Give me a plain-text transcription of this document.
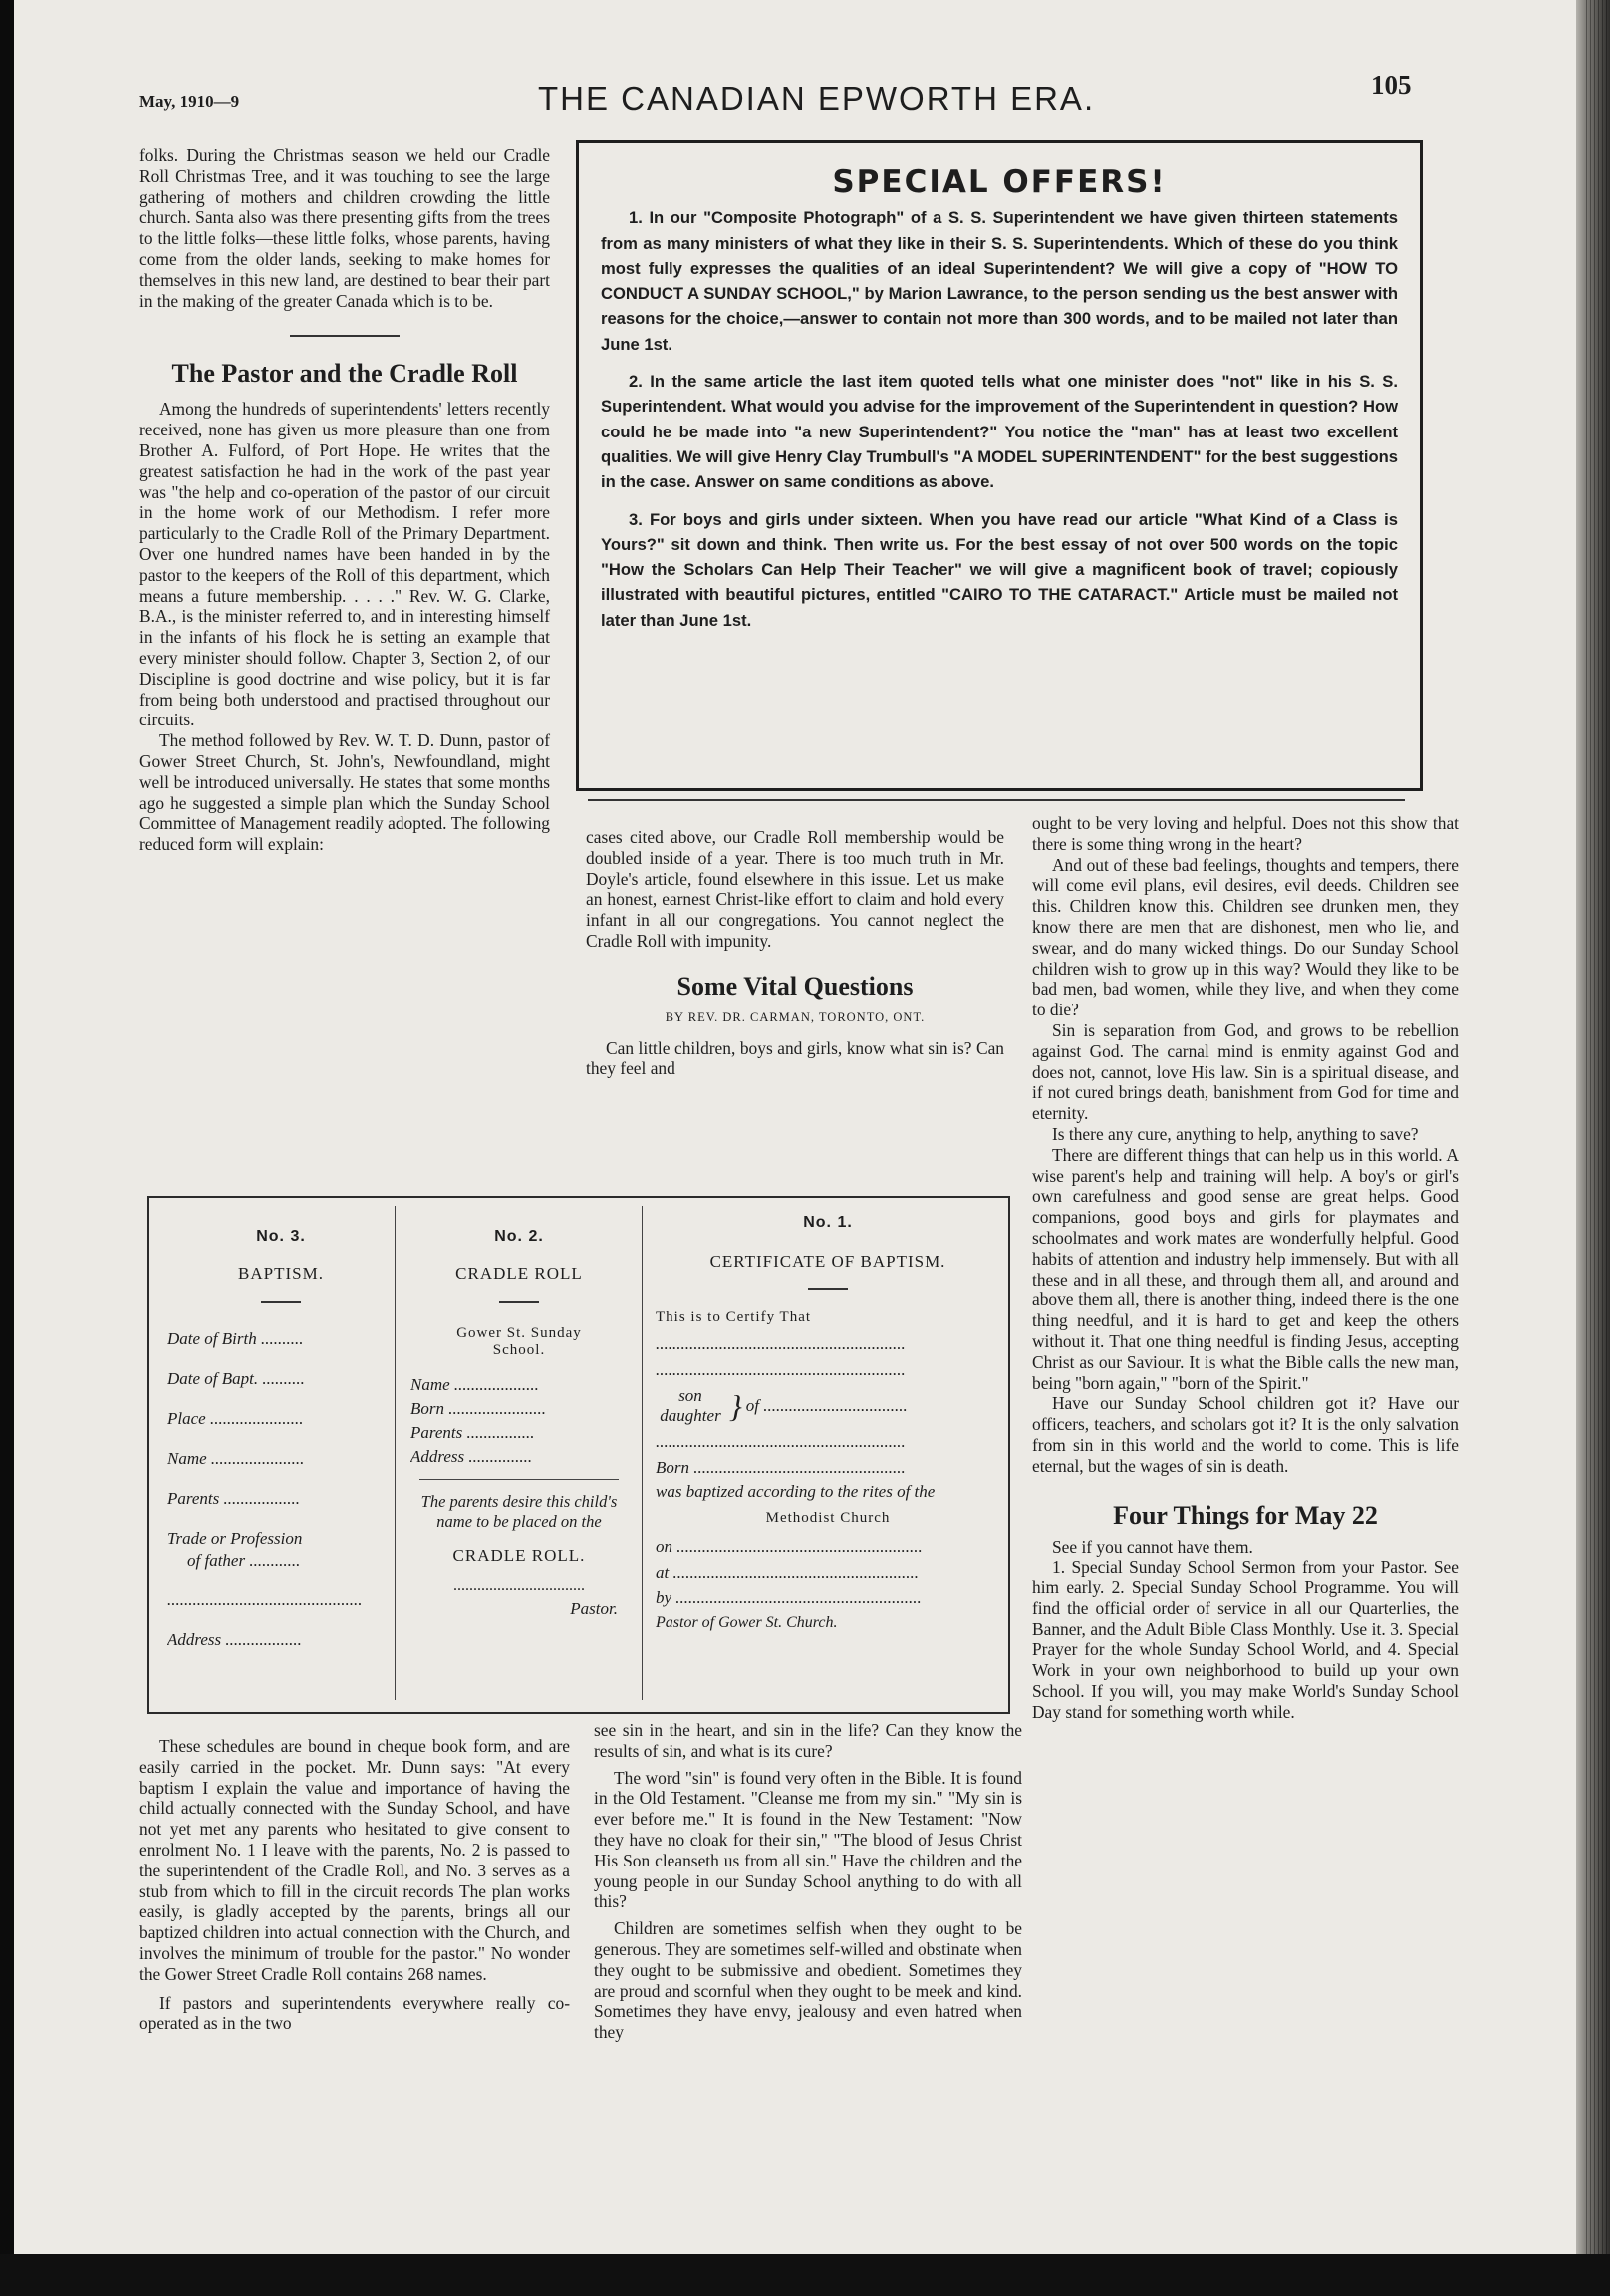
May, 1910—9	THE CANADIAN EPWORTH ERA.	105

folks. During the Christmas season we held our Cradle Roll Christmas Tree, and it was touching to see the large gathering of mothers and children crowding the little church. Santa also was there presenting gifts from the trees to the little folks—these little folks, whose parents, having come from the older lands, seeking to make homes for themselves in this new land, are destined to bear their part in the making of the greater Canada which is to be.

The Pastor and the Cradle Roll

Among the hundreds of superintendents' letters recently received, none has given us more pleasure than one from Brother A. Fulford, of Port Hope. He writes that the greatest satisfaction he had in the work of the past year was "the help and co-operation of the pastor of our circuit in the home work of our Methodism. I refer more particularly to the Cradle Roll of the Primary Department. Over one hundred names have been handed in by the pastor to the keepers of the Roll of this department, which means a future membership. . . . ." Rev. W. G. Clarke, B.A., is the minister referred to, and in interesting himself in the infants of his flock he is setting an example that every minister should follow. Chapter 3, Section 2, of our Discipline is good doctrine and wise policy, but it is far from being both understood and practised throughout our circuits.

The method followed by Rev. W. T. D. Dunn, pastor of Gower Street Church, St. John's, Newfoundland, might well be introduced universally. He states that some months ago he suggested a simple plan which the Sunday School Committee of Management readily adopted. The following reduced form will explain:

SPECIAL OFFERS!

1. In our "Composite Photograph" of a S. S. Superintendent we have given thirteen statements from as many ministers of what they like in their S. S. Superintendents. Which of these do you think most fully expresses the qualities of an ideal Superintendent? We will give a copy of "HOW TO CONDUCT A SUNDAY SCHOOL," by Marion Lawrance, to the person sending us the best answer with reasons for the choice,—answer to contain not more than 300 words, and to be mailed not later than June 1st.

2. In the same article the last item quoted tells what one minister does "not" like in his S. S. Superintendent. What would you advise for the improvement of the Superintendent in question? How could he be made into "a new Superintendent?" You notice the "man" has at least two excellent qualities. We will give Henry Clay Trumbull's "A MODEL SUPERINTENDENT" for the best suggestions in the case. Answer on same conditions as above.

3. For boys and girls under sixteen. When you have read our article "What Kind of a Class is Yours?" sit down and think. Then write us. For the best essay of not over 500 words on the topic "How the Scholars Can Help Their Teacher" we will give a magnificent book of travel; copiously illustrated with beautiful pictures, entitled "CAIRO TO THE CATARACT." Article must be mailed not later than June 1st.

cases cited above, our Cradle Roll membership would be doubled inside of a year. There is too much truth in Mr. Doyle's article, found elsewhere in this issue. Let us make an honest, earnest Christ-like effort to claim and hold every infant in all our congregations. You cannot neglect the Cradle Roll with impunity.

Some Vital Questions
BY REV. DR. CARMAN, TORONTO, ONT.

Can little children, boys and girls, know what sin is? Can they feel and

No. 3.
BAPTISM.
Date of Birth ..........
Date of Bapt. ..........
Place ......................
Name ......................
Parents ..................
Trade or Profession
of father ............
..............................................
Address ..................
No. 2.
CRADLE ROLL
Gower St. Sunday
School.
Name ....................
Born .......................
Parents ................
Address ...............
The parents desire this child's name to be placed on the
CRADLE ROLL.
.................................
Pastor.
No. 1.
CERTIFICATE OF BAPTISM.
This is to Certify That
...........................................................
...........................................................
son
daughter } of ..................................
...........................................................
Born ..................................................
was baptized according to the rites of the
Methodist Church
on ..........................................................
at ..........................................................
by ..........................................................
Pastor of Gower St. Church.

ought to be very loving and helpful. Does not this show that there is some thing wrong in the heart?

And out of these bad feelings, thoughts and tempers, there will come evil plans, evil desires, evil deeds. Children see this. Children know this. Children see drunken men, they know there are men that are dishonest, men who lie, and swear, and do many wicked things. Do our Sunday School children wish to grow up in this way? Would they like to be bad men, bad women, while they live, and when they come to die?

Sin is separation from God, and grows to be rebellion against God. The carnal mind is enmity against God and does not, cannot, love His law. Sin is a spiritual disease, and if not cured brings death, banishment from God for time and eternity.

Is there any cure, anything to help, anything to save?

There are different things that can help us in this world. A wise parent's help and training will help. A boy's or girl's own carefulness and good sense are great helps. Good companions, good boys and girls for playmates and schoolmates and work mates are wonderfully helpful. Good habits of attention and industry help immensely. But with all these and in all these, and through them all, and around and above them all, there is another thing, indeed there is the one thing needful, and it is hard to get and keep the others without it. That one thing needful is finding Jesus, accepting Christ as our Saviour. It is what the Bible calls the new man, being "born again," "born of the Spirit."

Have our Sunday School children got it? Have our officers, teachers, and scholars got it? It is the only salvation from sin in this world and the world to come. This is life eternal, but the wages of sin is death.

Four Things for May 22

See if you cannot have them.

1. Special Sunday School Sermon from your Pastor. See him early. 2. Special Sunday School Programme. You will find the official order of service in all our Quarterlies, the Banner, and the Adult Bible Class Monthly. Use it. 3. Special Prayer for the whole Sunday School World, and 4. Special Work in your own neighborhood to build up your own School. If you will, you may make World's Sunday School Day stand for something worth while.

These schedules are bound in cheque book form, and are easily carried in the pocket. Mr. Dunn says: "At every baptism I explain the value and importance of having the child actually connected with the Sunday School, and have not yet met any parents who hesitated to give consent to enrolment No. 1 I leave with the parents, No. 2 is passed to the superintendent of the Cradle Roll, and No. 3 serves as a stub from which to fill in the circuit records The plan works easily, is gladly accepted by the parents, brings all our baptized children into actual connection with the Church, and involves the minimum of trouble for the pastor." No wonder the Gower Street Cradle Roll contains 268 names.

If pastors and superintendents everywhere really co-operated as in the two

see sin in the heart, and sin in the life? Can they know the results of sin, and what is its cure?

The word "sin" is found very often in the Bible. It is found in the Old Testament. "Cleanse me from my sin." "My sin is ever before me." It is found in the New Testament: "Now they have no cloak for their sin," "The blood of Jesus Christ His Son cleanseth us from all sin." Have the children and the young people in our Sunday School anything to do with all this?

Children are sometimes selfish when they ought to be generous. They are sometimes self-willed and obstinate when they ought to be submissive and obedient. Sometimes they are proud and scornful when they ought to be meek and kind. Sometimes they have envy, jealousy and even hatred when they
